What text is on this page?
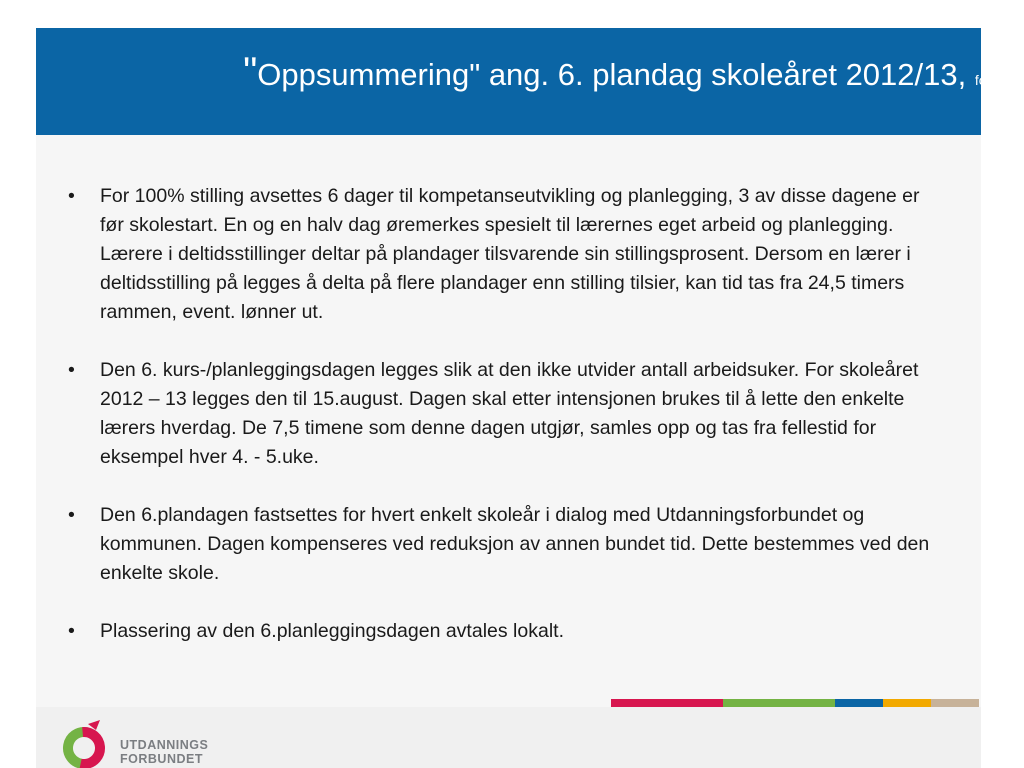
"Oppsummering" ang. 6. plandag skoleåret 2012/13, forts.
• For 100% stilling avsettes 6 dager til kompetanseutvikling og planlegging, 3 av disse dagene er før skolestart. En og en halv dag øremerkes spesielt til lærernes eget arbeid og planlegging. Lærere i deltidsstillinger deltar på plandager tilsvarende sin stillingsprosent. Dersom en lærer i deltidsstilling på legges å delta på flere plandager enn stilling tilsier, kan tid tas fra 24,5 timers rammen, event. lønner ut.
• Den 6. kurs-/planleggingsdagen legges slik at den ikke utvider antall arbeidsuker. For skoleåret 2012 – 13 legges den til 15.august. Dagen skal etter intensjonen brukes til å lette den enkelte lærers hverdag. De 7,5 timene som denne dagen utgjør, samles opp og tas fra fellestid for eksempel hver 4. - 5.uke.
• Den 6.plandagen fastsettes for hvert enkelt skoleår i dialog med Utdanningsforbundet og kommunen. Dagen kompenseres ved reduksjon av annen bundet tid. Dette bestemmes ved den enkelte skole.
• Plassering av den 6.planleggingsdagen avtales lokalt.
UTDANNINGS
FORBUNDET
